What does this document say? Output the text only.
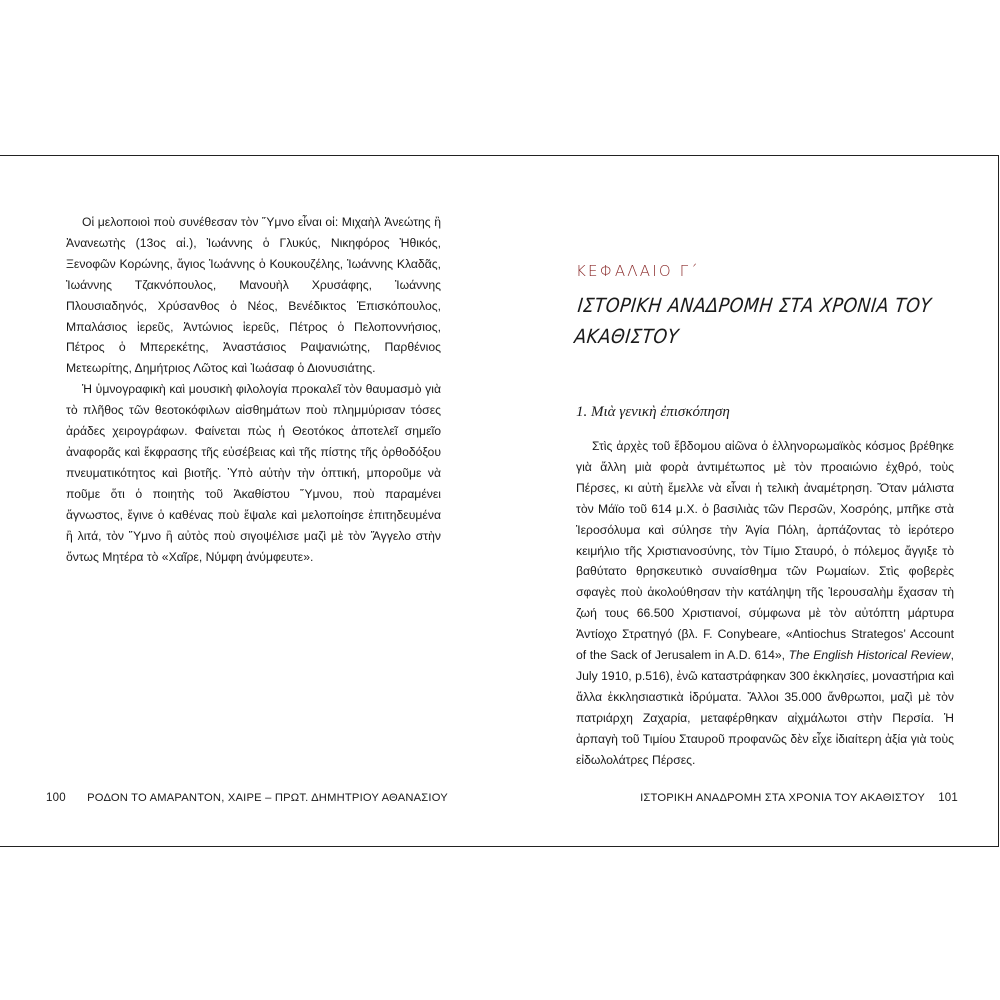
Οἱ μελοποιοὶ ποὺ συνέθεσαν τὸν Ὕμνο εἶναι οἱ: Μιχαὴλ Ἀνεώτης ἢ Ἀνανεωτὴς (13ος αἰ.), Ἰωάννης ὁ Γλυκύς, Νικηφόρος Ἠθικός, Ξενοφῶν Κορώνης, ἅγιος Ἰωάννης ὁ Κουκουζέλης, Ἰωάννης Κλαδᾶς, Ἰωάννης Τζακνόπουλος, Μανουὴλ Χρυσάφης, Ἰωάννης Πλουσιαδηνός, Χρύσανθος ὁ Νέος, Βενέδικτος Ἐπισκόπουλος, Μπαλάσιος ἱερεῦς, Ἀντώνιος ἱερεῦς, Πέτρος ὁ Πελοποννήσιος, Πέτρος ὁ Μπερεκέτης, Ἀναστάσιος Ραψανιώτης, Παρθένιος Μετεωρίτης, Δημήτριος Λῶτος καὶ Ἰωάσαφ ὁ Διονυσιάτης.

Ἡ ὑμνογραφικὴ καὶ μουσικὴ φιλολογία προκαλεῖ τὸν θαυμασμὸ γιὰ τὸ πλῆθος τῶν θεοτοκόφιλων αἰσθημάτων ποὺ πλημμύρισαν τόσες ἀράδες χειρογράφων. Φαίνεται πὼς ἡ Θεοτόκος ἀποτελεῖ σημεῖο ἀναφορᾶς καὶ ἔκφρασης τῆς εὐσέβειας καὶ τῆς πίστης τῆς ὀρθοδόξου πνευματικότητος καὶ βιοτῆς. Ὑπὸ αὐτὴν τὴν ὀπτική, μποροῦμε νὰ ποῦμε ὅτι ὁ ποιητὴς τοῦ Ἀκαθίστου Ὕμνου, ποὺ παραμένει ἄγνωστος, ἔγινε ὁ καθένας ποὺ ἔψαλε καὶ μελοποίησε ἐπιτηδευμένα ἢ λιτά, τὸν Ὕμνο ἢ αὐτὸς ποὺ σιγοψέλισε μαζὶ μὲ τὸν Ἄγγελο στὴν ὄντως Μητέρα τὸ «Χαῖρε, Νύμφη ἀνύμφευτε».

100 ΡΟΔΟΝ ΤΟ ΑΜΑΡΑΝΤΟΝ, ΧΑΙΡΕ – ΠΡΩΤ. ΔΗΜΗΤΡΙΟΥ ΑΘΑΝΑΣΙΟΥ
ΚΕΦΑΛΑΙΟ Γ΄
ΙΣΤΟΡΙΚΗ ΑΝΑΔΡΟΜΗ ΣΤΑ ΧΡΟΝΙΑ ΤΟΥ ΑΚΑΘΙΣΤΟΥ
1. Μιὰ γενικὴ ἐπισκόπηση

Στὶς ἀρχὲς τοῦ ἕβδομου αἰῶνα ὁ ἑλληνορωμαϊκὸς κόσμος βρέθηκε γιὰ ἄλλη μιὰ φορὰ ἀντιμέτωπος μὲ τὸν προαιώνιο ἐχθρό, τοὺς Πέρσες, κι αὐτὴ ἔμελλε νὰ εἶναι ἡ τελικὴ ἀναμέτρηση. Ὅταν μάλιστα τὸν Μάϊο τοῦ 614 μ.Χ. ὁ βασιλιὰς τῶν Περσῶν, Χοσρόης, μπῆκε στὰ Ἱεροσόλυμα καὶ σύλησε τὴν Ἁγία Πόλη, ἁρπάζοντας τὸ ἱερότερο κειμήλιο τῆς Χριστιανοσύνης, τὸν Τίμιο Σταυρό, ὁ πόλεμος ἄγγιξε τὸ βαθύτατο θρησκευτικὸ συναίσθημα τῶν Ρωμαίων. Στὶς φοβερὲς σφαγὲς ποὺ ἀκολούθησαν τὴν κατάληψη τῆς Ἱερουσαλὴμ ἔχασαν τὴ ζωή τους 66.500 Χριστιανοί, σύμφωνα μὲ τὸν αὐτόπτη μάρτυρα Ἀντίοχο Στρατηγό (βλ. F. Conybeare, «Antiochus Strategos’ Account of the Sack of Jerusalem in A.D. 614», The English Historical Review, July 1910, p.516), ἐνῶ καταστράφηκαν 300 ἐκκλησίες, μοναστήρια καὶ ἄλλα ἐκκλησιαστικὰ ἱδρύματα. Ἄλλοι 35.000 ἄνθρωποι, μαζὶ μὲ τὸν πατριάρχη Ζαχαρία, μεταφέρθηκαν αἰχμάλωτοι στὴν Περσία. Ἡ ἁρπαγὴ τοῦ Τιμίου Σταυροῦ προφανῶς δὲν εἶχε ἰδιαίτερη ἀξία γιὰ τοὺς εἰδωλολάτρες Πέρσες.

ΙΣΤΟΡΙΚΗ ΑΝΑΔΡΟΜΗ ΣΤΑ ΧΡΟΝΙΑ ΤΟΥ ΑΚΑΘΙΣΤΟΥ 101
